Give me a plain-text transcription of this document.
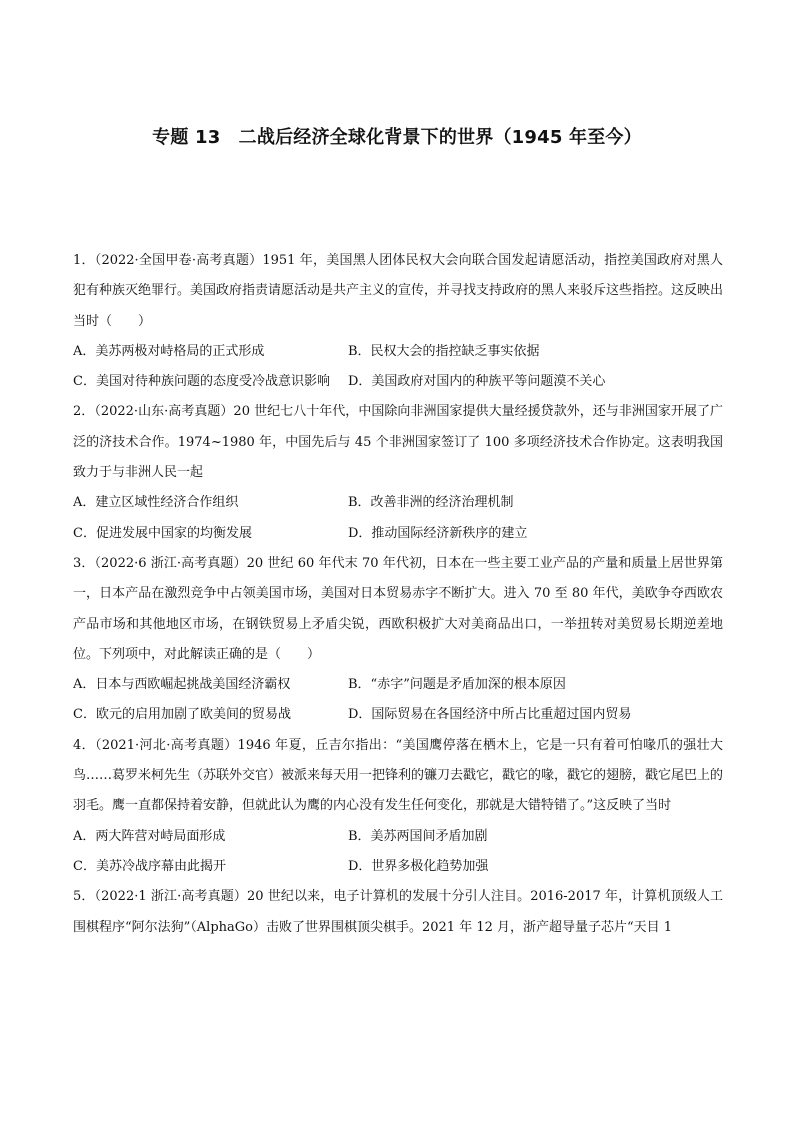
专题 13　二战后经济全球化背景下的世界（1945 年至今）

1．（2022·全国甲卷·高考真题）1951 年，美国黑人团体民权大会向联合国发起请愿活动，指控美国政府对黑人犯有种族灭绝罪行。美国政府指责请愿活动是共产主义的宣传，并寻找支持政府的黑人来驳斥这些指控。这反映出当时（　　）

A．美苏两极对峙格局的正式形成	B．民权大会的指控缺乏事实依据
C．美国对待种族问题的态度受冷战意识影响	D．美国政府对国内的种族平等问题漠不关心

2．（2022·山东·高考真题）20 世纪七八十年代，中国除向非洲国家提供大量经援贷款外，还与非洲国家开展了广泛的济技术合作。1974~1980 年，中国先后与 45 个非洲国家签订了 100 多项经济技术合作协定。这表明我国致力于与非洲人民一起

A．建立区域性经济合作组织	B．改善非洲的经济治理机制
C．促进发展中国家的均衡发展	D．推动国际经济新秩序的建立

3．（2022·6 浙江·高考真题）20 世纪 60 年代末 70 年代初，日本在一些主要工业产品的产量和质量上居世界第一，日本产品在激烈竞争中占领美国市场，美国对日本贸易赤字不断扩大。进入 70 至 80 年代，美欧争夺西欧农产品市场和其他地区市场，在钢铁贸易上矛盾尖锐，西欧积极扩大对美商品出口，一举扭转对美贸易长期逆差地位。下列项中，对此解读正确的是（　　）

A．日本与西欧崛起挑战美国经济霸权	B．“赤字”问题是矛盾加深的根本原因
C．欧元的启用加剧了欧美间的贸易战	D．国际贸易在各国经济中所占比重超过国内贸易

4．（2021·河北·高考真题）1946 年夏，丘吉尔指出：“美国鹰停落在栖木上，它是一只有着可怕喙爪的强壮大鸟……葛罗米柯先生（苏联外交官）被派来每天用一把锋利的镰刀去戳它，戳它的喙，戳它的翅膀，戳它尾巴上的羽毛。鹰一直都保持着安静，但就此认为鹰的内心没有发生任何变化，那就是大错特错了。”这反映了当时

A．两大阵营对峙局面形成	B．美苏两国间矛盾加剧
C．美苏冷战序幕由此揭开	D．世界多极化趋势加强

5．（2022·1 浙江·高考真题）20 世纪以来，电子计算机的发展十分引人注目。2016-2017 年，计算机顶级人工围棋程序“阿尔法狗”（AlphaGo）击败了世界围棋顶尖棋手。2021 年 12 月，浙产超导量子芯片“天目 1
